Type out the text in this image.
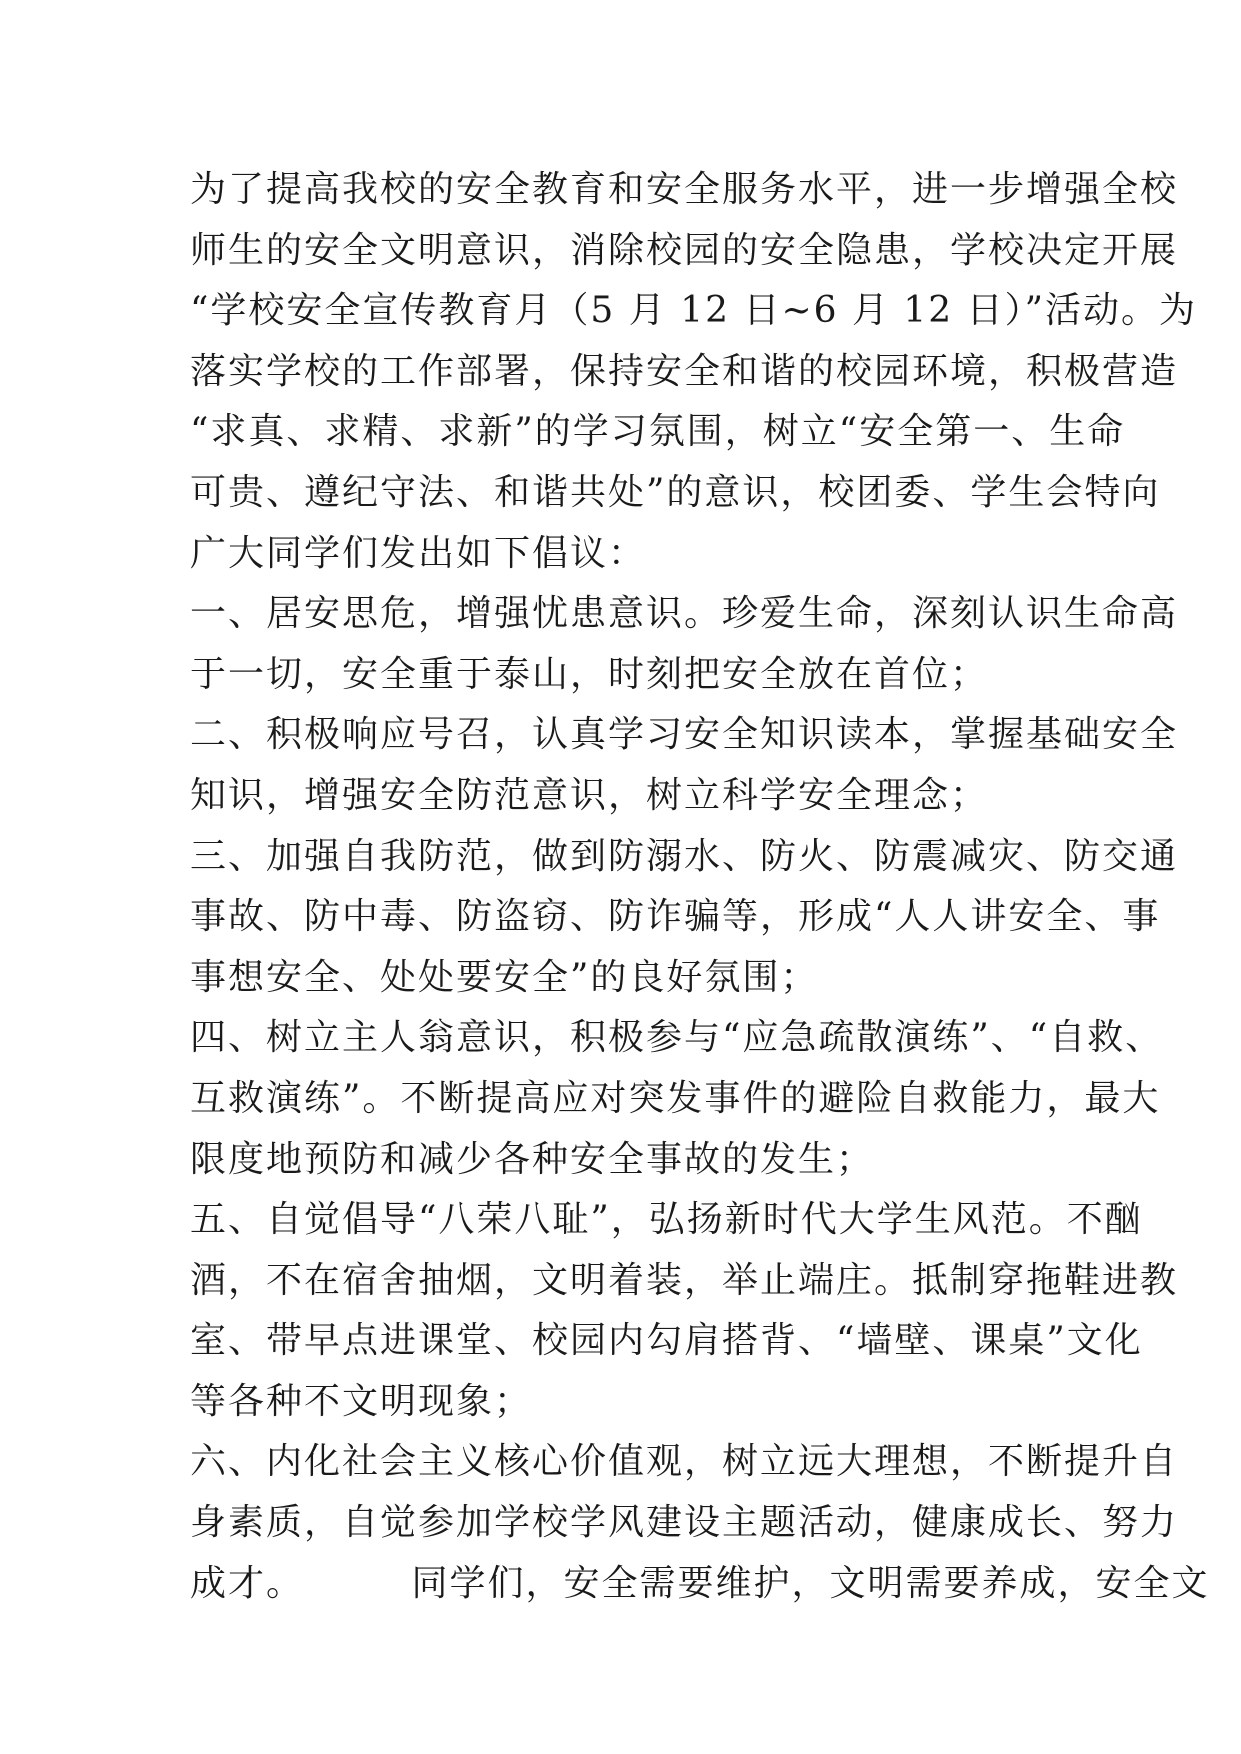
为了提高我校的安全教育和安全服务水平，进一步增强全校
师生的安全文明意识，消除校园的安全隐患，学校决定开展
“学校安全宣传教育月（5 月 12 日~6 月 12 日）”活动。为
落实学校的工作部署，保持安全和谐的校园环境，积极营造
“求真、求精、求新”的学习氛围，树立“安全第一、生命
可贵、遵纪守法、和谐共处”的意识，校团委、学生会特向
广大同学们发出如下倡议：
一、居安思危，增强忧患意识。珍爱生命，深刻认识生命高
于一切，安全重于泰山，时刻把安全放在首位；
二、积极响应号召，认真学习安全知识读本，掌握基础安全
知识，增强安全防范意识，树立科学安全理念；
三、加强自我防范，做到防溺水、防火、防震减灾、防交通
事故、防中毒、防盗窃、防诈骗等，形成“人人讲安全、事
事想安全、处处要安全”的良好氛围；
四、树立主人翁意识，积极参与“应急疏散演练”、“自救、
互救演练”。不断提高应对突发事件的避险自救能力，最大
限度地预防和减少各种安全事故的发生；
五、自觉倡导“八荣八耻”，弘扬新时代大学生风范。不酗
酒，不在宿舍抽烟，文明着装，举止端庄。抵制穿拖鞋进教
室、带早点进课堂、校园内勾肩搭背、“墙壁、课桌”文化
等各种不文明现象；
六、内化社会主义核心价值观，树立远大理想，不断提升自
身素质，自觉参加学校学风建设主题活动，健康成长、努力
成才。        同学们，安全需要维护，文明需要养成，安全文
